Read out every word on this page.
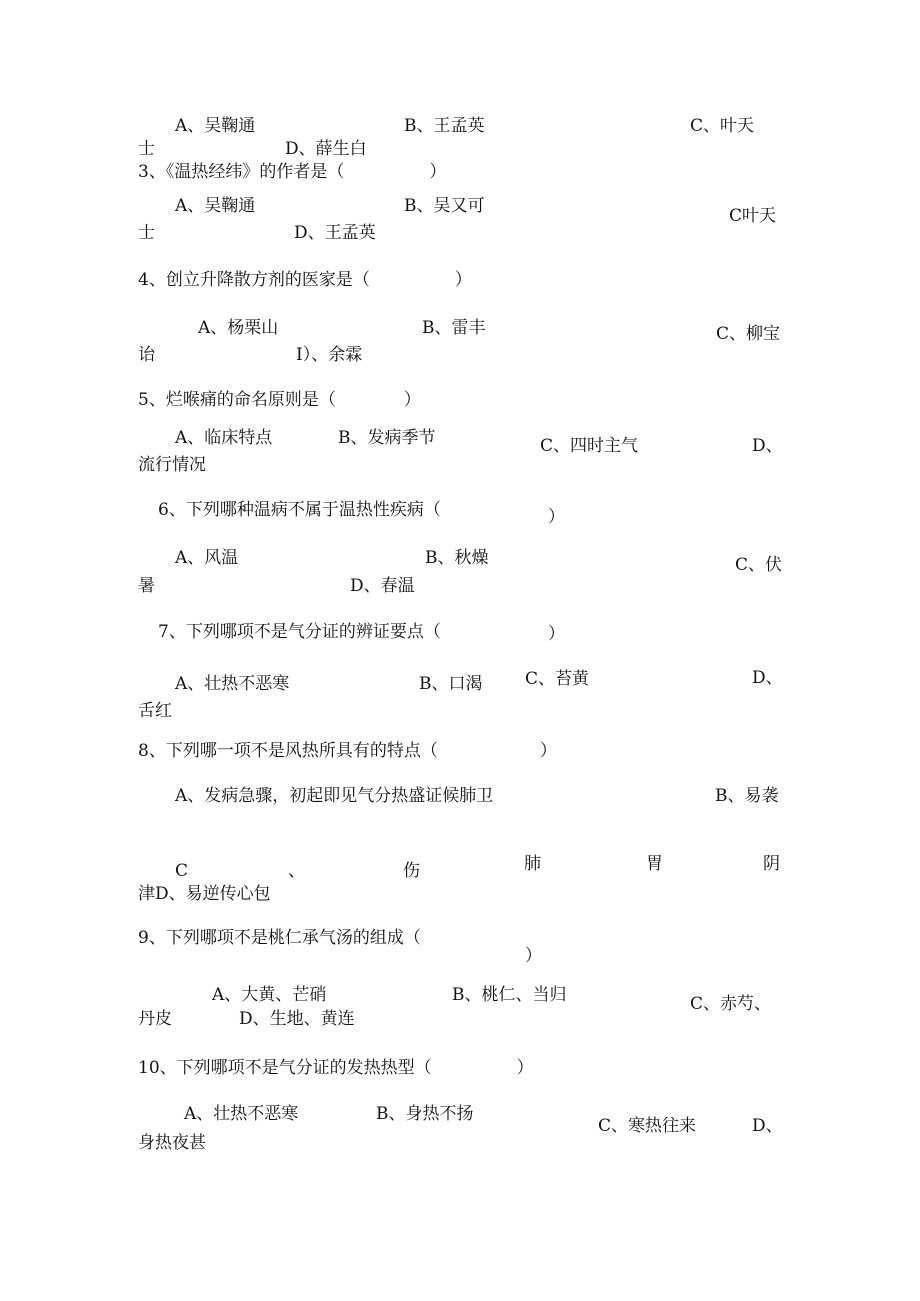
A、吴鞠通	B、王孟英	C、叶天
士	D、薛生白
3、《温热经纬》的作者是（　　　　　）
A、吴鞠通	B、吴又可	C叶天
士	D、王孟英
4、创立升降散方剂的医家是（　　　　　）
A、杨栗山	B、雷丰	C、柳宝
诒	I）、余霖
5、烂喉痛的命名原则是（　　　　）
A、临床特点	B、发病季节	C、四时主气	D、
流行情况
6、下列哪种温病不属于温热性疾病（	）
A、风温	B、秋燥	C、伏
暑	D、春温
7、下列哪项不是气分证的辨证要点（	）
A、壮热不恶寒	B、口渴	C、苔黄	D、
舌红
8、下列哪一项不是风热所具有的特点（　　　　　　）
A、发病急骤，初起即见气分热盛证候肺卫	B、易袭
C	、	伤	肺	胃	阴
津D、易逆传心包
9、下列哪项不是桃仁承气汤的组成（
）
A、大黄、芒硝	B、桃仁、当归	C、赤芍、
丹皮	D、生地、黄连
10、下列哪项不是气分证的发热热型（　　　　　）
A、壮热不恶寒	B、身热不扬
C、寒热往来	D、
身热夜甚
